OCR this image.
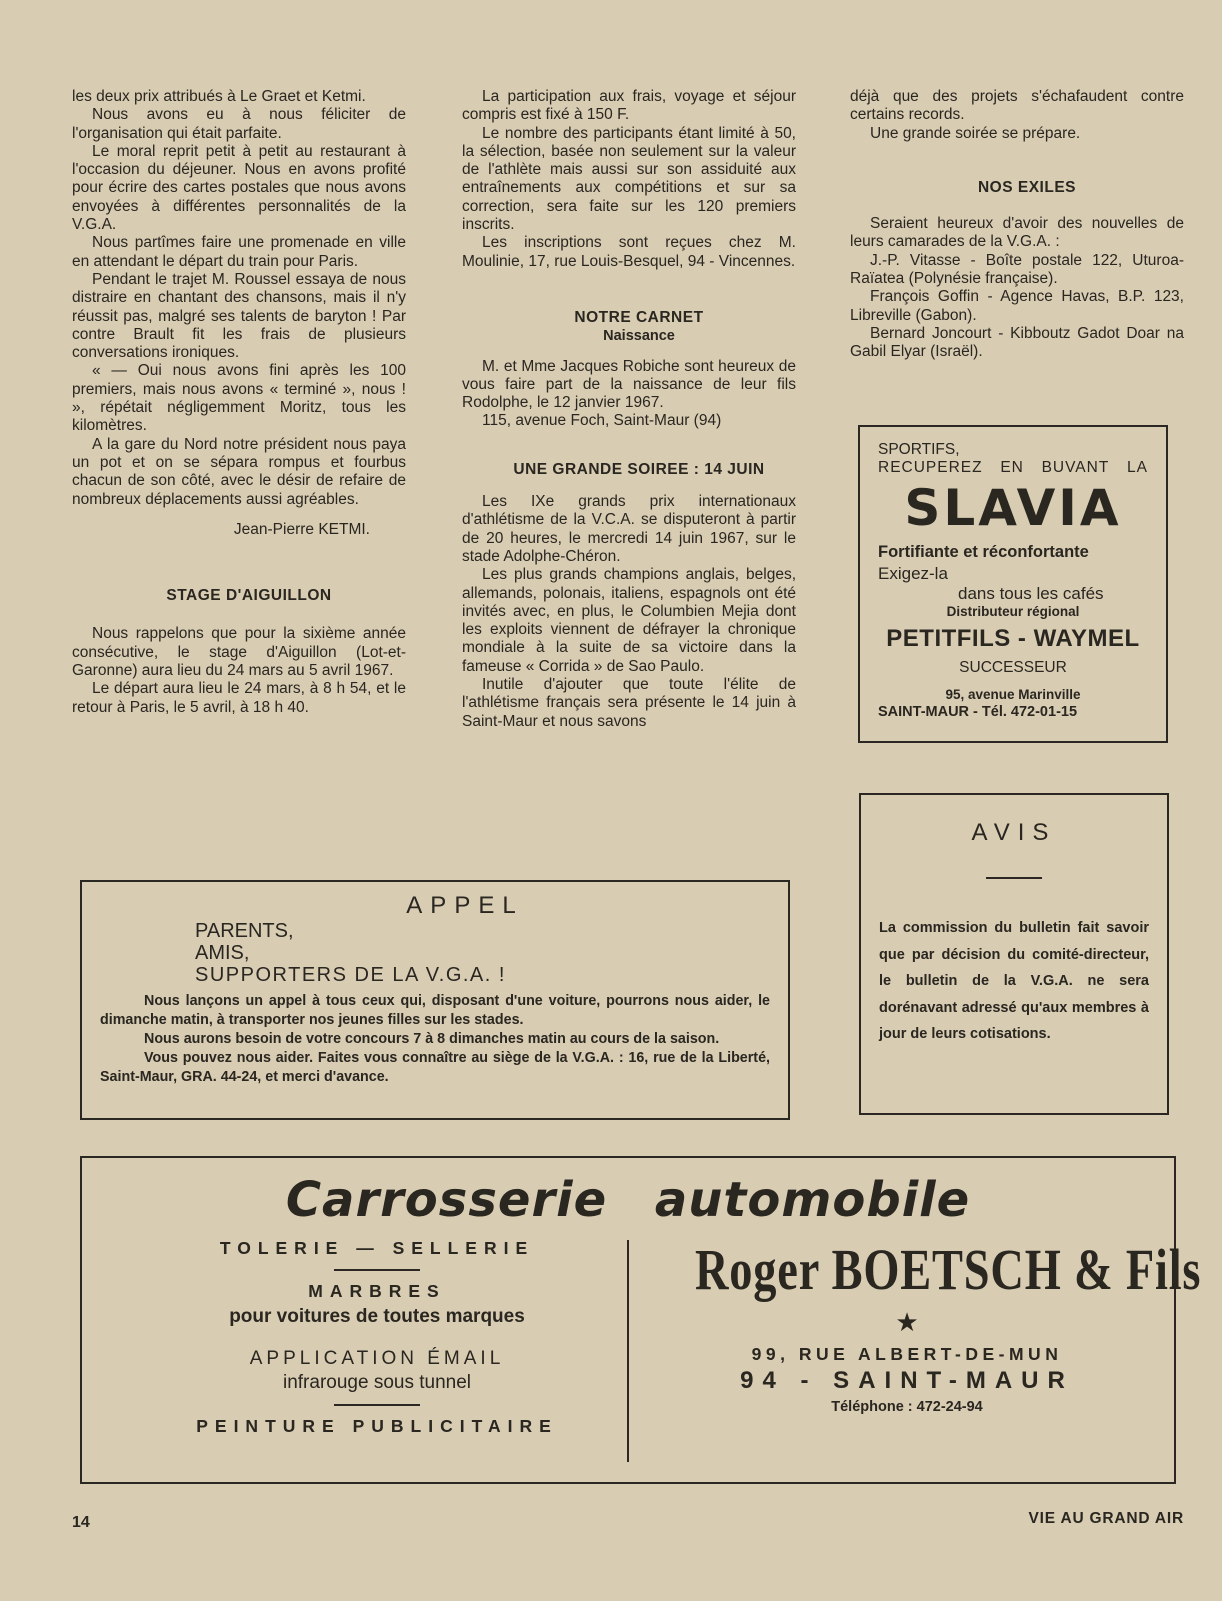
les deux prix attribués à Le Graet et Ketmi.

Nous avons eu à nous féliciter de l'organisation qui était parfaite.

Le moral reprit petit à petit au restaurant à l'occasion du déjeuner. Nous en avons profité pour écrire des cartes postales que nous avons envoyées à différentes personnalités de la V.G.A.

Nous partîmes faire une promenade en ville en attendant le départ du train pour Paris.

Pendant le trajet M. Roussel essaya de nous distraire en chantant des chansons, mais il n'y réussit pas, malgré ses talents de baryton ! Par contre Brault fit les frais de plusieurs conversations ironiques.

« — Oui nous avons fini après les 100 premiers, mais nous avons « terminé », nous ! », répétait négligemment Moritz, tous les kilomètres.

A la gare du Nord notre président nous paya un pot et on se sépara rompus et fourbus chacun de son côté, avec le désir de refaire de nombreux déplacements aussi agréables.

Jean-Pierre KETMI.

STAGE D'AIGUILLON

Nous rappelons que pour la sixième année consécutive, le stage d'Aiguillon (Lot-et-Garonne) aura lieu du 24 mars au 5 avril 1967.

Le départ aura lieu le 24 mars, à 8 h 54, et le retour à Paris, le 5 avril, à 18 h 40.

La participation aux frais, voyage et séjour compris est fixé à 150 F.

Le nombre des participants étant limité à 50, la sélection, basée non seulement sur la valeur de l'athlète mais aussi sur son assiduité aux entraînements aux compétitions et sur sa correction, sera faite sur les 120 premiers inscrits.

Les inscriptions sont reçues chez M. Moulinie, 17, rue Louis-Besquel, 94 - Vincennes.

NOTRE CARNET

Naissance

M. et Mme Jacques Robiche sont heureux de vous faire part de la naissance de leur fils Rodolphe, le 12 janvier 1967.

115, avenue Foch, Saint-Maur (94)

UNE GRANDE SOIREE : 14 JUIN

Les IXe grands prix internationaux d'athlétisme de la V.C.A. se disputeront à partir de 20 heures, le mercredi 14 juin 1967, sur le stade Adolphe-Chéron.

Les plus grands champions anglais, belges, allemands, polonais, italiens, espagnols ont été invités avec, en plus, le Columbien Mejia dont les exploits viennent de défrayer la chronique mondiale à la suite de sa victoire dans la fameuse « Corrida » de Sao Paulo.

Inutile d'ajouter que toute l'élite de l'athlétisme français sera présente le 14 juin à Saint-Maur et nous savons

déjà que des projets s'échafaudent contre certains records.

Une grande soirée se prépare.

NOS EXILES

Seraient heureux d'avoir des nouvelles de leurs camarades de la V.G.A. :

J.-P. Vitasse - Boîte postale 122, Uturoa-Raïatea (Polynésie française).

François Goffin - Agence Havas, B.P. 123, Libreville (Gabon).

Bernard Joncourt - Kibboutz Gadot Doar na Gabil Elyar (Israël).

SPORTIFS,

RECUPEREZ EN BUVANT LA

SLAVIA

Fortifiante et réconfortante

Exigez-la

dans tous les cafés

Distributeur régional

PETITFILS - WAYMEL

SUCCESSEUR

95, avenue Marinville

SAINT-MAUR - Tél. 472-01-15

AVIS

La commission du bulletin fait savoir que par décision du comité-directeur, le bulletin de la V.G.A. ne sera dorénavant adressé qu'aux membres à jour de leurs cotisations.

APPEL

PARENTS,

AMIS,

SUPPORTERS DE LA V.G.A. !

Nous lançons un appel à tous ceux qui, disposant d'une voiture, pourrons nous aider, le dimanche matin, à transporter nos jeunes filles sur les stades.

Nous aurons besoin de votre concours 7 à 8 dimanches matin au cours de la saison.

Vous pouvez nous aider. Faites vous connaître au siège de la V.G.A. : 16, rue de la Liberté, Saint-Maur, GRA. 44-24, et merci d'avance.

Carrosserie automobile

TOLERIE — SELLERIE

MARBRES

pour voitures de toutes marques

APPLICATION ÉMAIL

infrarouge sous tunnel

PEINTURE PUBLICITAIRE

Roger BOETSCH & Fils

★

99, RUE ALBERT-DE-MUN

94 - SAINT-MAUR

Téléphone : 472-24-94

14	VIE AU GRAND AIR
